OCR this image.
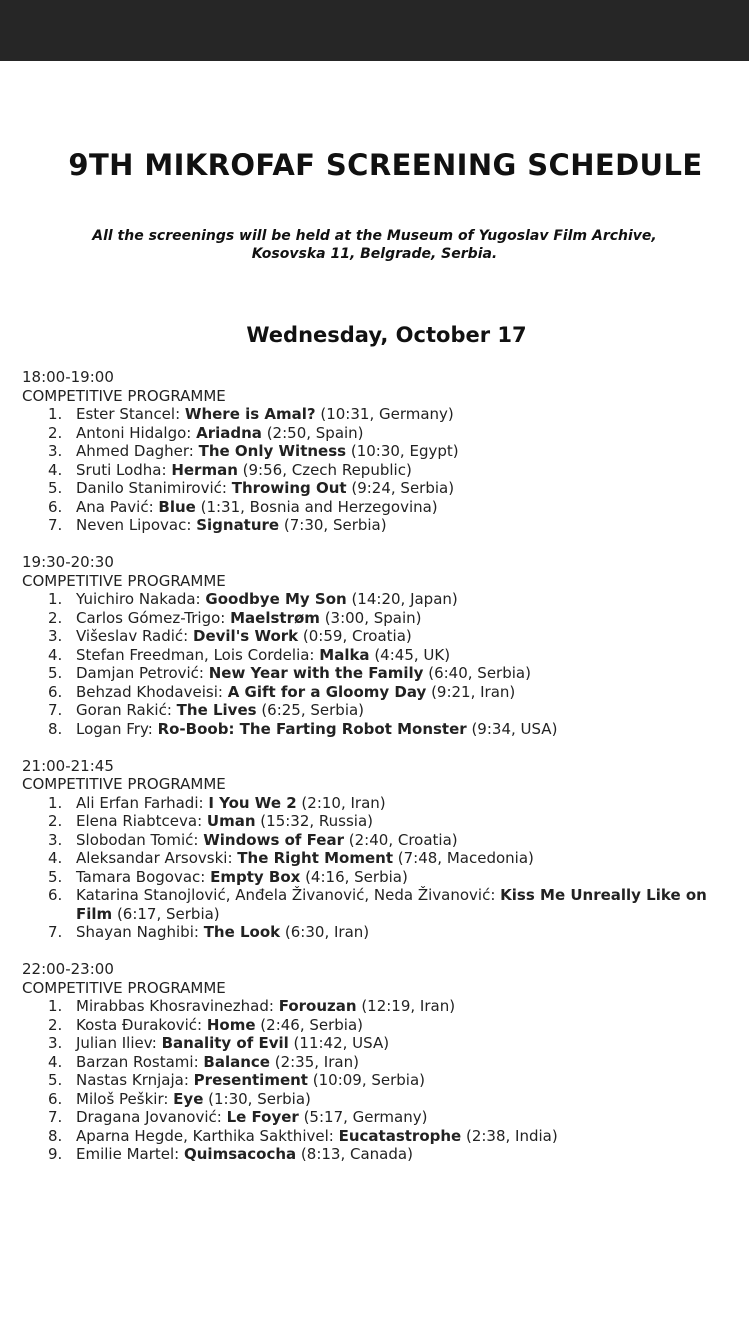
9TH MIKROFAF SCREENING SCHEDULE

All the screenings will be held at the Museum of Yugoslav Film Archive,
Kosovska 11, Belgrade, Serbia.

Wednesday, October 17
18:00-19:00
COMPETITIVE PROGRAMME
1. Ester Stancel: Where is Amal? (10:31, Germany)
2. Antoni Hidalgo: Ariadna (2:50, Spain)
3. Ahmed Dagher: The Only Witness (10:30, Egypt)
4. Sruti Lodha: Herman (9:56, Czech Republic)
5. Danilo Stanimirović: Throwing Out (9:24, Serbia)
6. Ana Pavić: Blue (1:31, Bosnia and Herzegovina)
7. Neven Lipovac: Signature (7:30, Serbia)
19:30-20:30
COMPETITIVE PROGRAMME
1. Yuichiro Nakada: Goodbye My Son (14:20, Japan)
2. Carlos Gómez-Trigo: Maelstrøm (3:00, Spain)
3. Višeslav Radić: Devil's Work (0:59, Croatia)
4. Stefan Freedman, Lois Cordelia: Malka (4:45, UK)
5. Damjan Petrović: New Year with the Family (6:40, Serbia)
6. Behzad Khodaveisi: A Gift for a Gloomy Day (9:21, Iran)
7. Goran Rakić: The Lives (6:25, Serbia)
8. Logan Fry: Ro-Boob: The Farting Robot Monster (9:34, USA)
21:00-21:45
COMPETITIVE PROGRAMME
1. Ali Erfan Farhadi: I You We 2 (2:10, Iran)
2. Elena Riabtceva: Uman (15:32, Russia)
3. Slobodan Tomić: Windows of Fear (2:40, Croatia)
4. Aleksandar Arsovski: The Right Moment (7:48, Macedonia)
5. Tamara Bogovac: Empty Box (4:16, Serbia)
6. Katarina Stanojlović, Anđela Živanović, Neda Živanović: Kiss Me Unreally Like on Film (6:17, Serbia)
7. Shayan Naghibi: The Look (6:30, Iran)
22:00-23:00
COMPETITIVE PROGRAMME
1. Mirabbas Khosravinezhad: Forouzan (12:19, Iran)
2. Kosta Đuraković: Home (2:46, Serbia)
3. Julian Iliev: Banality of Evil (11:42, USA)
4. Barzan Rostami: Balance (2:35, Iran)
5. Nastas Krnjaja: Presentiment (10:09, Serbia)
6. Miloš Peškir: Eye (1:30, Serbia)
7. Dragana Jovanović: Le Foyer (5:17, Germany)
8. Aparna Hegde, Karthika Sakthivel: Eucatastrophe (2:38, India)
9. Emilie Martel: Quimsacocha (8:13, Canada)
